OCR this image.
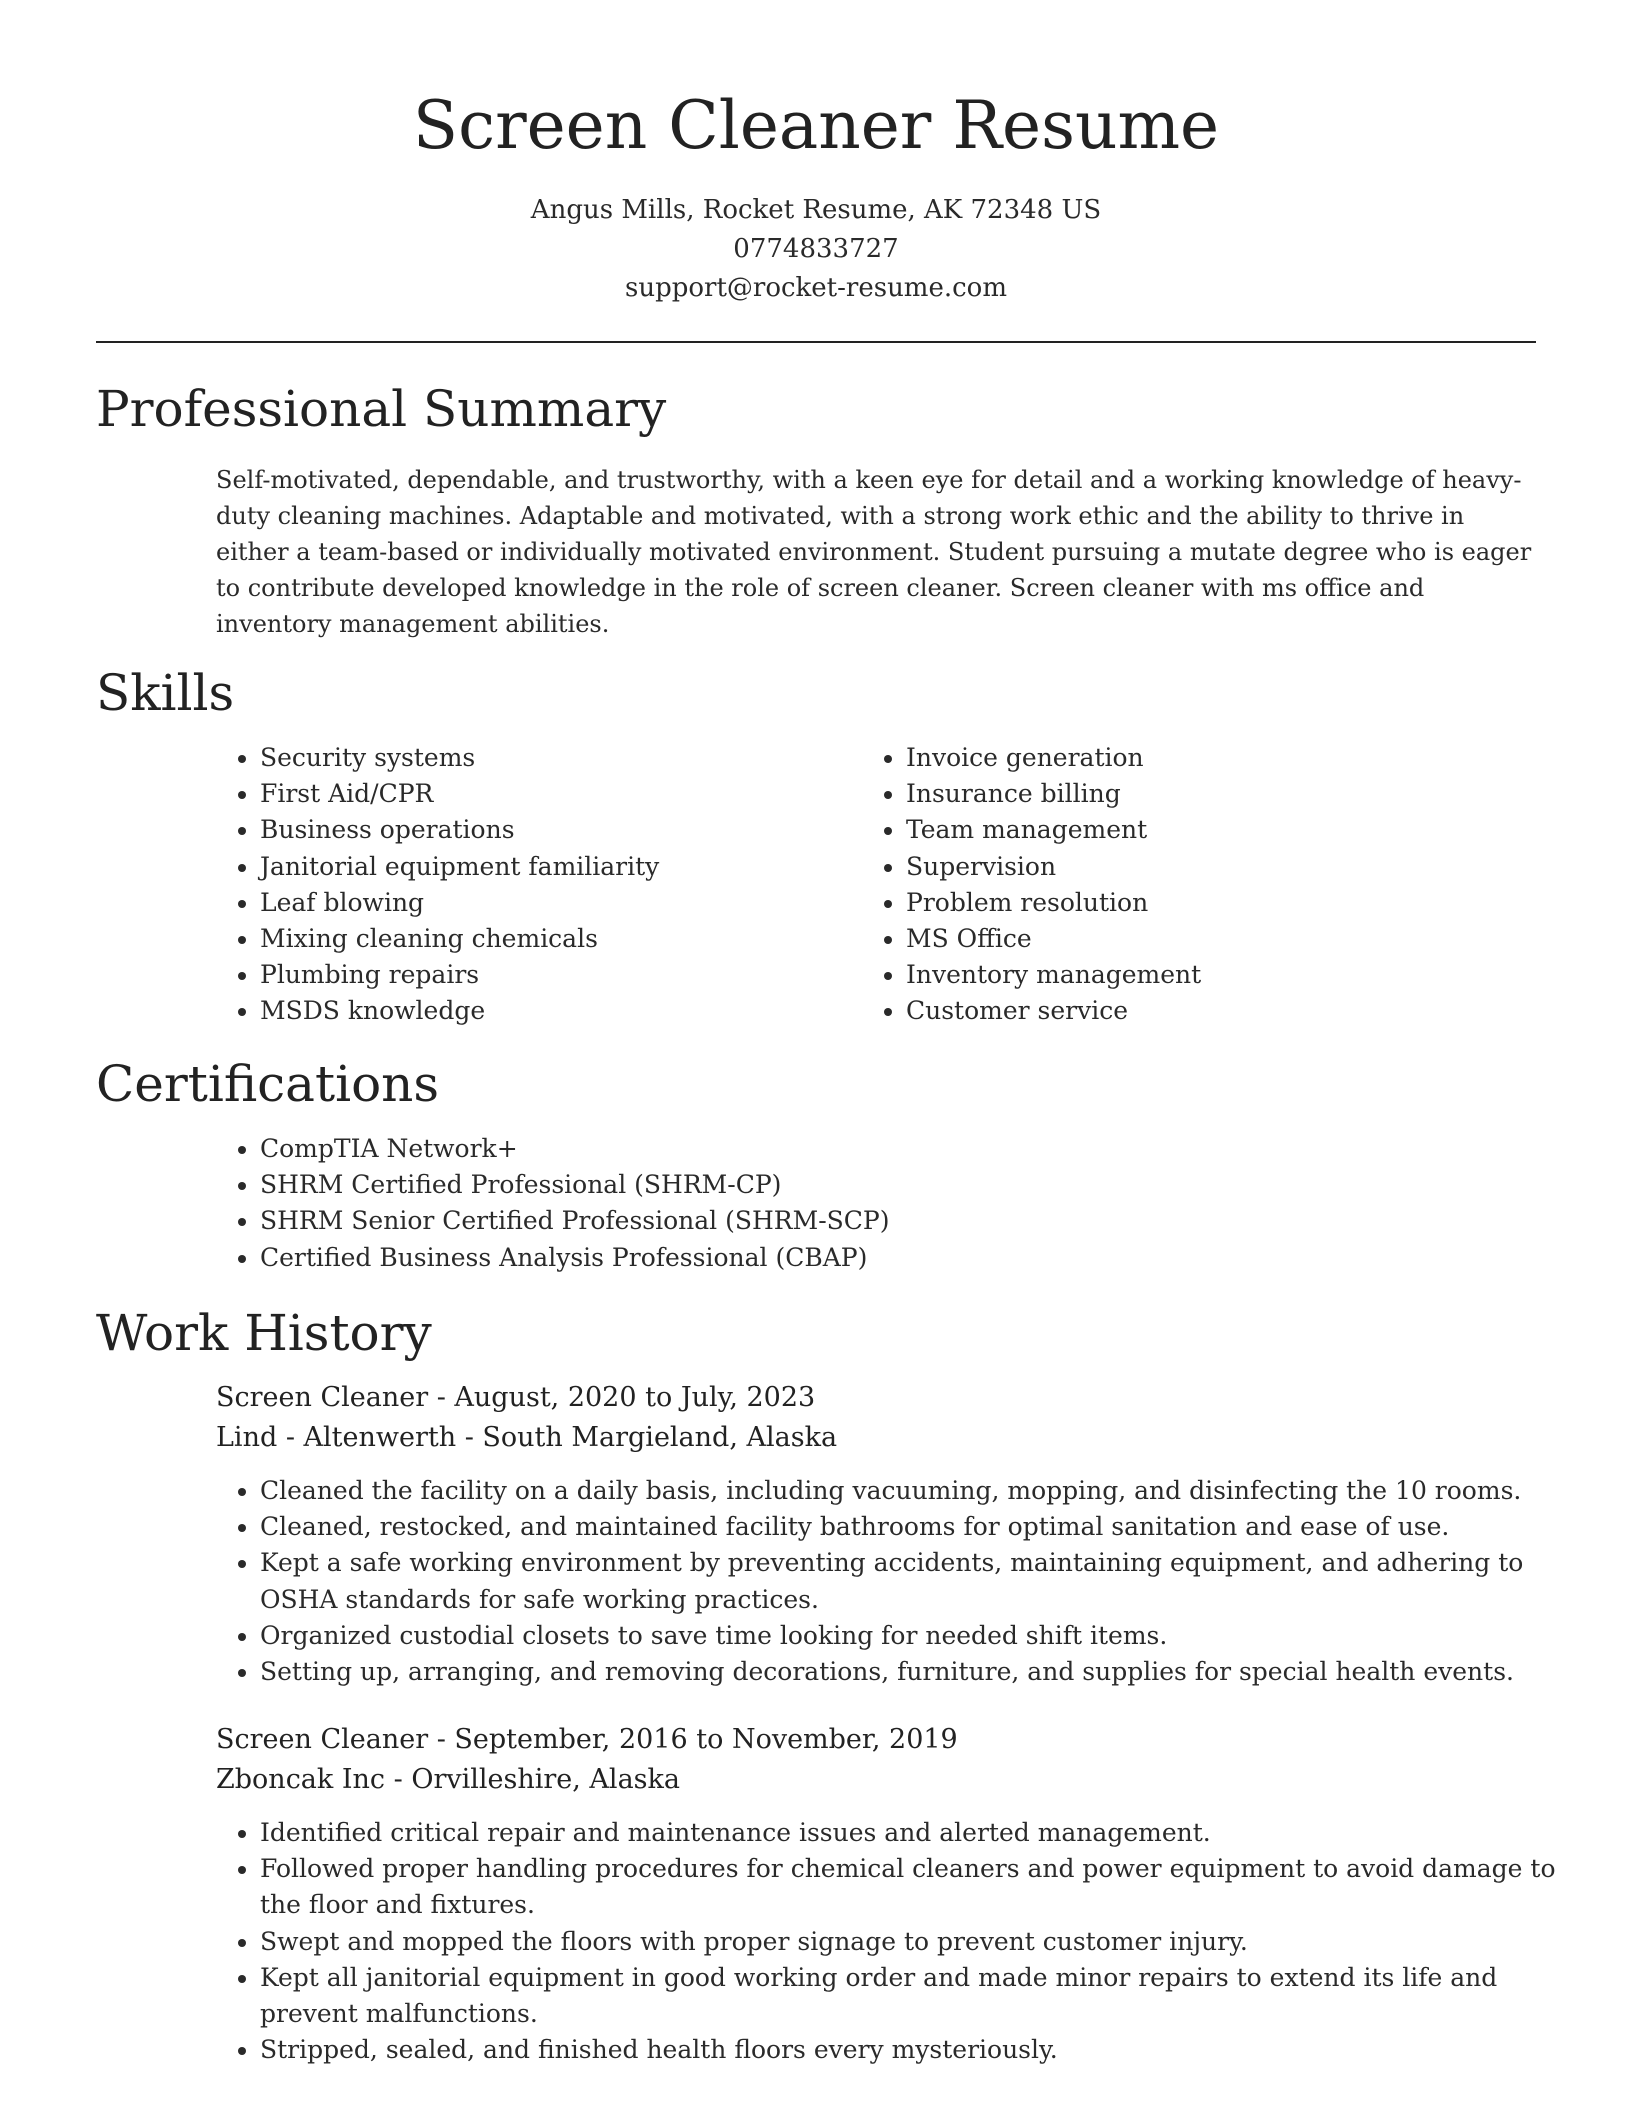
Screen Cleaner Resume
Angus Mills, Rocket Resume, AK 72348 US
0774833727
support@rocket-resume.com
Professional Summary

Self-motivated, dependable, and trustworthy, with a keen eye for detail and a working knowledge of heavy-duty cleaning machines. Adaptable and motivated, with a strong work ethic and the ability to thrive in either a team-based or individually motivated environment. Student pursuing a mutate degree who is eager to contribute developed knowledge in the role of screen cleaner. Screen cleaner with ms office and inventory management abilities.

Skills
• Security systems
• First Aid/CPR
• Business operations
• Janitorial equipment familiarity
• Leaf blowing
• Mixing cleaning chemicals
• Plumbing repairs
• MSDS knowledge
• Invoice generation
• Insurance billing
• Team management
• Supervision
• Problem resolution
• MS Office
• Inventory management
• Customer service
Certifications
• CompTIA Network+
• SHRM Certified Professional (SHRM-CP)
• SHRM Senior Certified Professional (SHRM-SCP)
• Certified Business Analysis Professional (CBAP)
Work History
Screen Cleaner - August, 2020 to July, 2023
Lind - Altenwerth - South Margieland, Alaska
• Cleaned the facility on a daily basis, including vacuuming, mopping, and disinfecting the 10 rooms.
• Cleaned, restocked, and maintained facility bathrooms for optimal sanitation and ease of use.
• Kept a safe working environment by preventing accidents, maintaining equipment, and adhering to OSHA standards for safe working practices.
• Organized custodial closets to save time looking for needed shift items.
• Setting up, arranging, and removing decorations, furniture, and supplies for special health events.
Screen Cleaner - September, 2016 to November, 2019
Zboncak Inc - Orvilleshire, Alaska
• Identified critical repair and maintenance issues and alerted management.
• Followed proper handling procedures for chemical cleaners and power equipment to avoid damage to the floor and fixtures.
• Swept and mopped the floors with proper signage to prevent customer injury.
• Kept all janitorial equipment in good working order and made minor repairs to extend its life and prevent malfunctions.
• Stripped, sealed, and finished health floors every mysteriously.
